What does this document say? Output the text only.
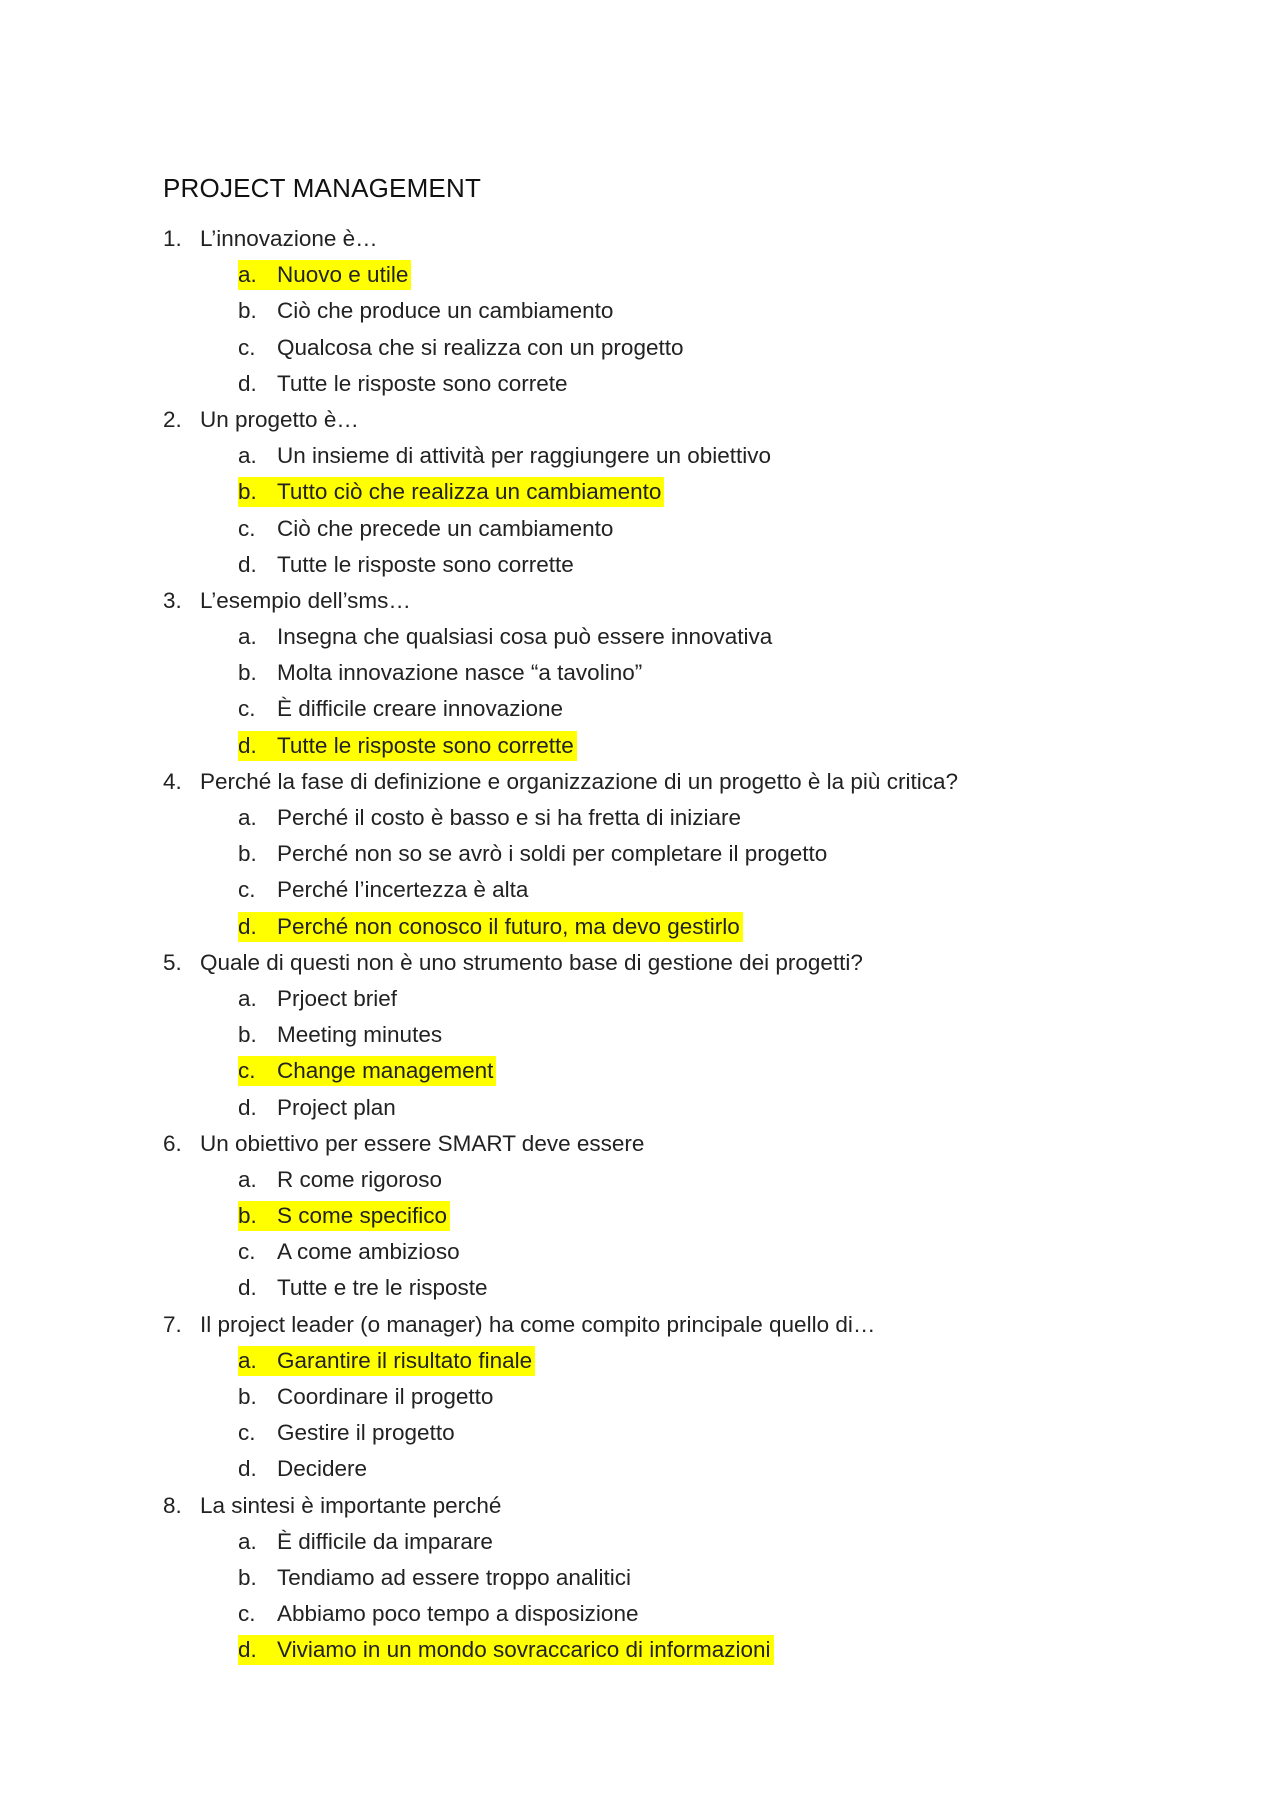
PROJECT MANAGEMENT
1. L’innovazione è…
a. Nuovo e utile
b. Ciò che produce un cambiamento
c. Qualcosa che si realizza con un progetto
d. Tutte le risposte sono correte
2. Un progetto è…
a. Un insieme di attività per raggiungere un obiettivo
b. Tutto ciò che realizza un cambiamento
c. Ciò che precede un cambiamento
d. Tutte le risposte sono corrette
3. L’esempio dell’sms…
a. Insegna che qualsiasi cosa può essere innovativa
b. Molta innovazione nasce “a tavolino”
c. È difficile creare innovazione
d. Tutte le risposte sono corrette
4. Perché la fase di definizione e organizzazione di un progetto è la più critica?
a. Perché il costo è basso e si ha fretta di iniziare
b. Perché non so se avrò i soldi per completare il progetto
c. Perché l’incertezza è alta
d. Perché non conosco il futuro, ma devo gestirlo
5. Quale di questi non è uno strumento base di gestione dei progetti?
a. Prjoect brief
b. Meeting minutes
c. Change management
d. Project plan
6. Un obiettivo per essere SMART deve essere
a. R come rigoroso
b. S come specifico
c. A come ambizioso
d. Tutte e tre le risposte
7. Il project leader (o manager) ha come compito principale quello di…
a. Garantire il risultato finale
b. Coordinare il progetto
c. Gestire il progetto
d. Decidere
8. La sintesi è importante perché
a. È difficile da imparare
b. Tendiamo ad essere troppo analitici
c. Abbiamo poco tempo a disposizione
d. Viviamo in un mondo sovraccarico di informazioni
